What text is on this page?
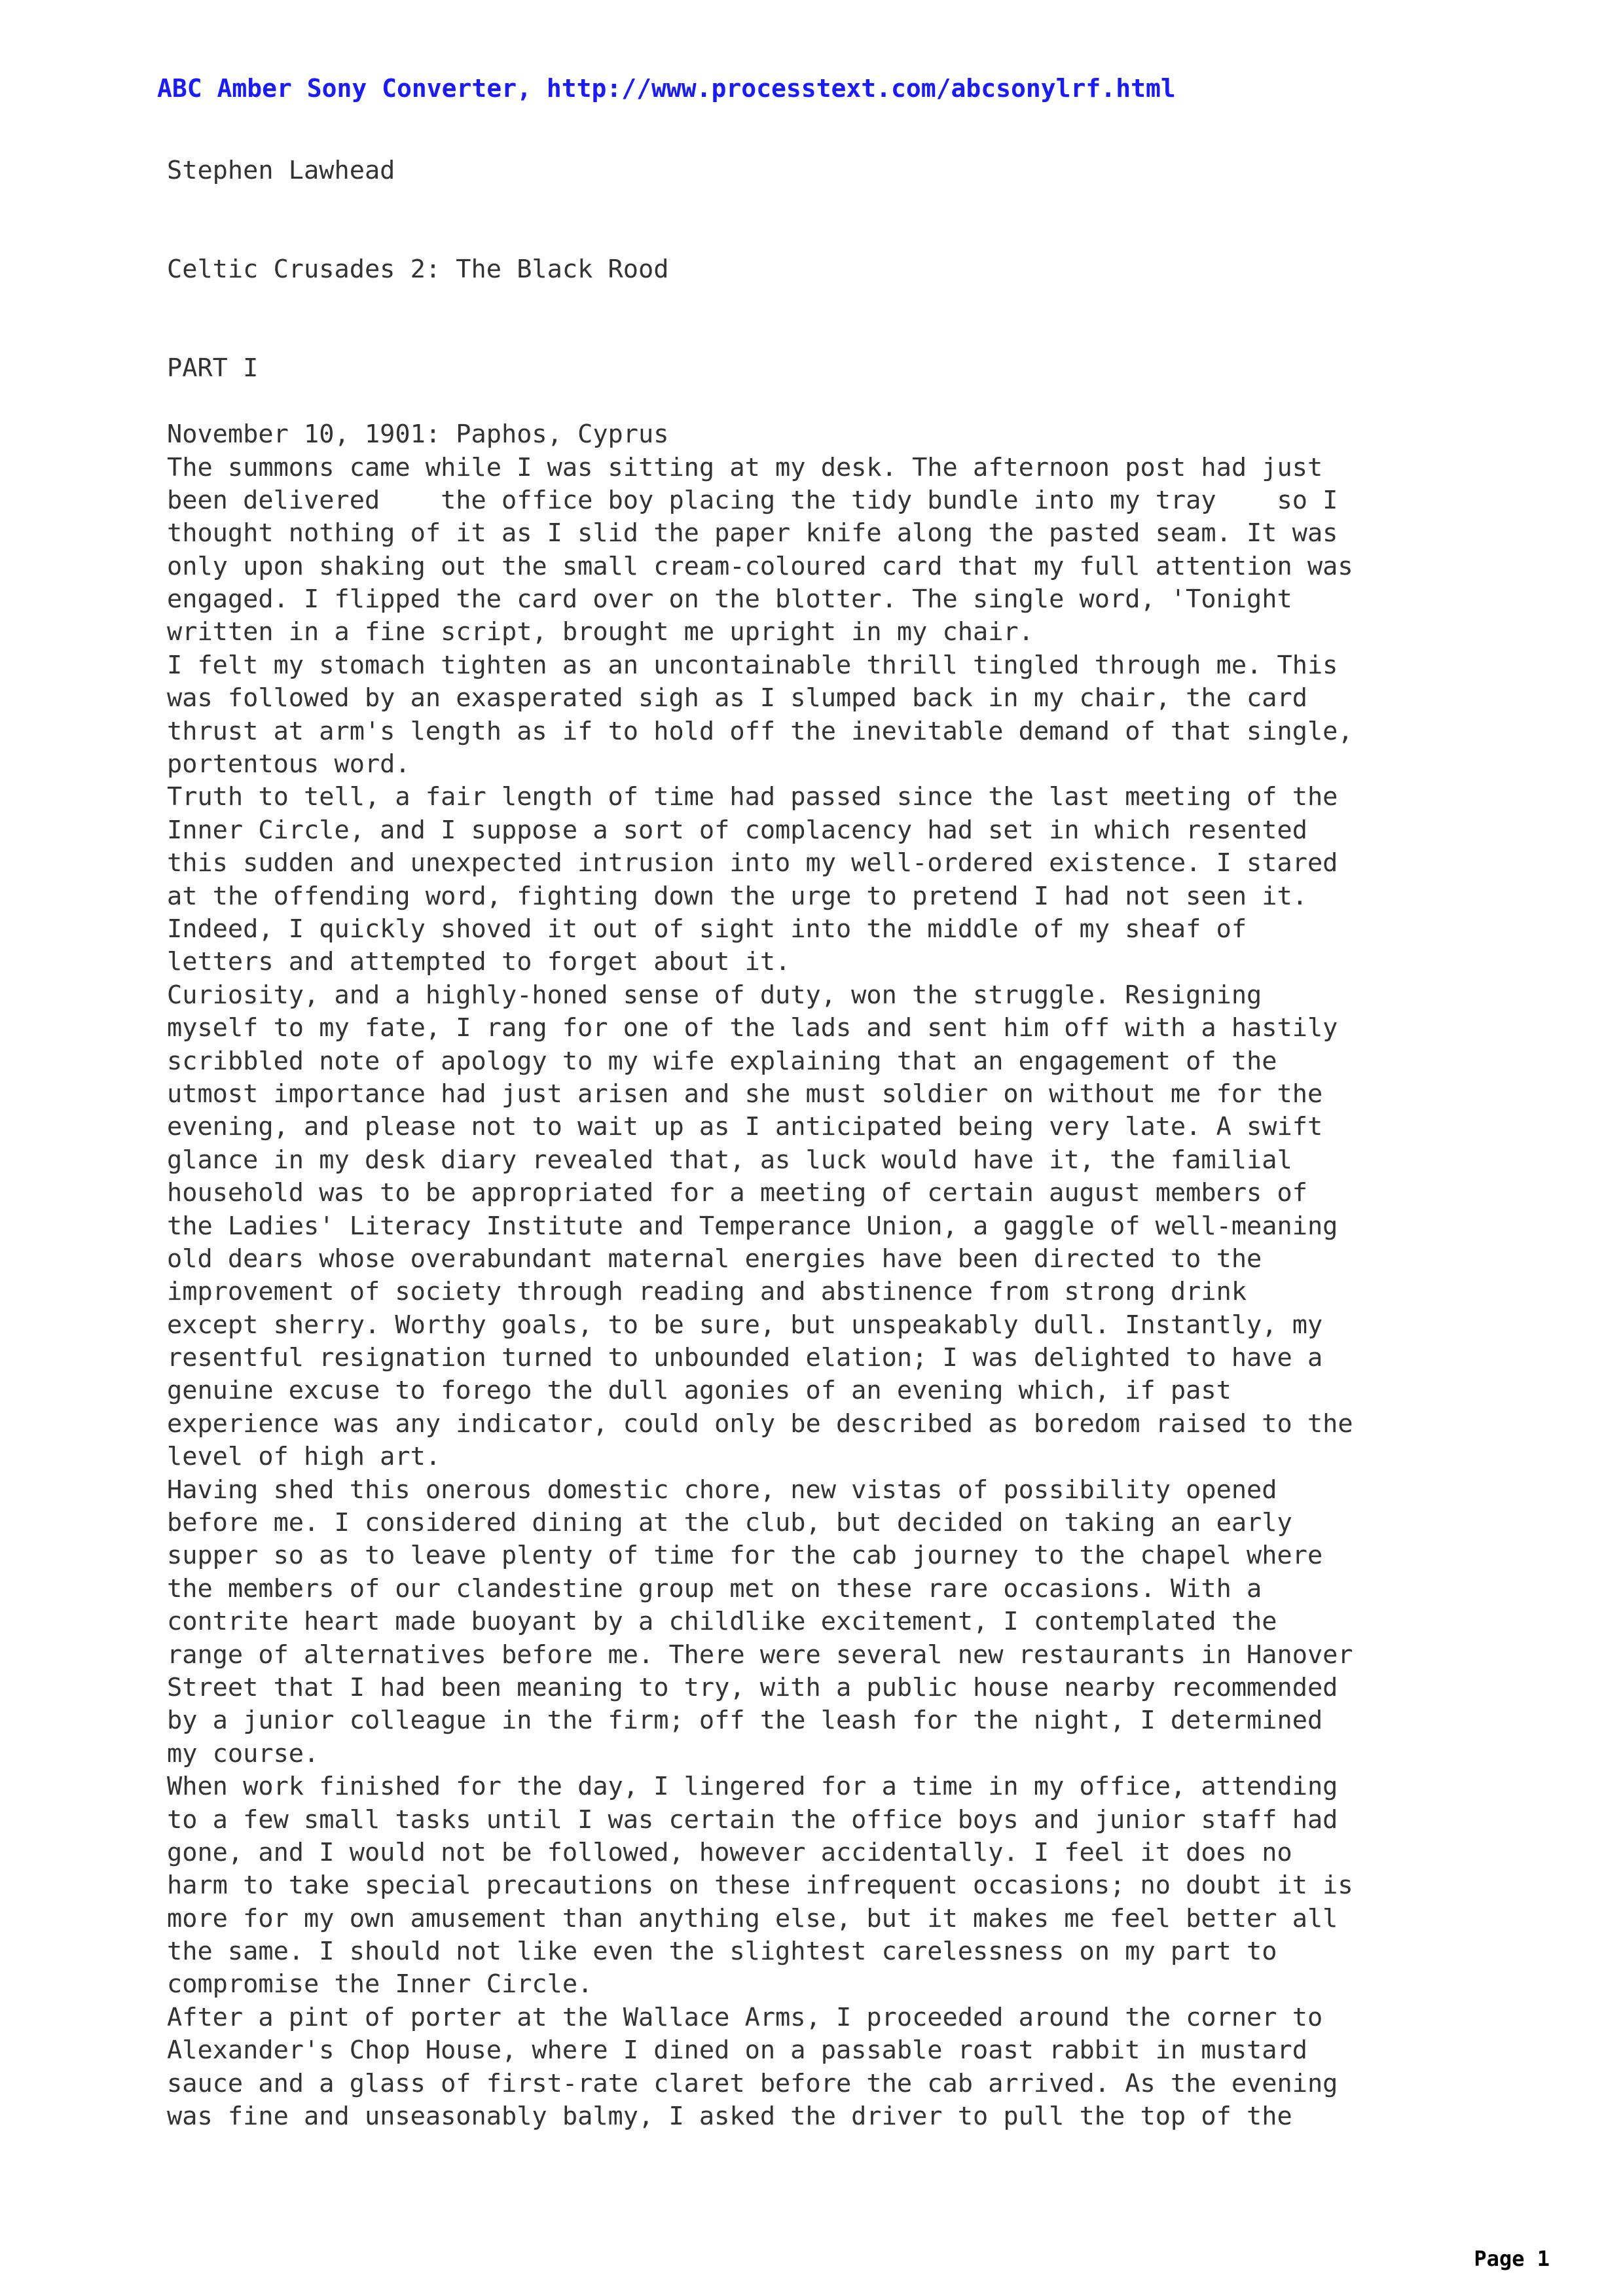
ABC Amber Sony Converter, http://www.processtext.com/abcsonylrf.html
Stephen Lawhead
Celtic Crusades 2: The Black Rood
PART I
November 10, 1901: Paphos, Cyprus
The summons came while I was sitting at my desk. The afternoon post had just
been delivered    the office boy placing the tidy bundle into my tray    so I
thought nothing of it as I slid the paper knife along the pasted seam. It was
only upon shaking out the small cream-coloured card that my full attention was
engaged. I flipped the card over on the blotter. The single word, 'Tonight
written in a fine script, brought me upright in my chair.
I felt my stomach tighten as an uncontainable thrill tingled through me. This
was followed by an exasperated sigh as I slumped back in my chair, the card
thrust at arm's length as if to hold off the inevitable demand of that single,
portentous word.
Truth to tell, a fair length of time had passed since the last meeting of the
Inner Circle, and I suppose a sort of complacency had set in which resented
this sudden and unexpected intrusion into my well-ordered existence. I stared
at the offending word, fighting down the urge to pretend I had not seen it.
Indeed, I quickly shoved it out of sight into the middle of my sheaf of
letters and attempted to forget about it.
Curiosity, and a highly-honed sense of duty, won the struggle. Resigning
myself to my fate, I rang for one of the lads and sent him off with a hastily
scribbled note of apology to my wife explaining that an engagement of the
utmost importance had just arisen and she must soldier on without me for the
evening, and please not to wait up as I anticipated being very late. A swift
glance in my desk diary revealed that, as luck would have it, the familial
household was to be appropriated for a meeting of certain august members of
the Ladies' Literacy Institute and Temperance Union, a gaggle of well-meaning
old dears whose overabundant maternal energies have been directed to the
improvement of society through reading and abstinence from strong drink
except sherry. Worthy goals, to be sure, but unspeakably dull. Instantly, my
resentful resignation turned to unbounded elation; I was delighted to have a
genuine excuse to forego the dull agonies of an evening which, if past
experience was any indicator, could only be described as boredom raised to the
level of high art.
Having shed this onerous domestic chore, new vistas of possibility opened
before me. I considered dining at the club, but decided on taking an early
supper so as to leave plenty of time for the cab journey to the chapel where
the members of our clandestine group met on these rare occasions. With a
contrite heart made buoyant by a childlike excitement, I contemplated the
range of alternatives before me. There were several new restaurants in Hanover
Street that I had been meaning to try, with a public house nearby recommended
by a junior colleague in the firm; off the leash for the night, I determined
my course.
When work finished for the day, I lingered for a time in my office, attending
to a few small tasks until I was certain the office boys and junior staff had
gone, and I would not be followed, however accidentally. I feel it does no
harm to take special precautions on these infrequent occasions; no doubt it is
more for my own amusement than anything else, but it makes me feel better all
the same. I should not like even the slightest carelessness on my part to
compromise the Inner Circle.
After a pint of porter at the Wallace Arms, I proceeded around the corner to
Alexander's Chop House, where I dined on a passable roast rabbit in mustard
sauce and a glass of first-rate claret before the cab arrived. As the evening
was fine and unseasonably balmy, I asked the driver to pull the top of the
Page 1
